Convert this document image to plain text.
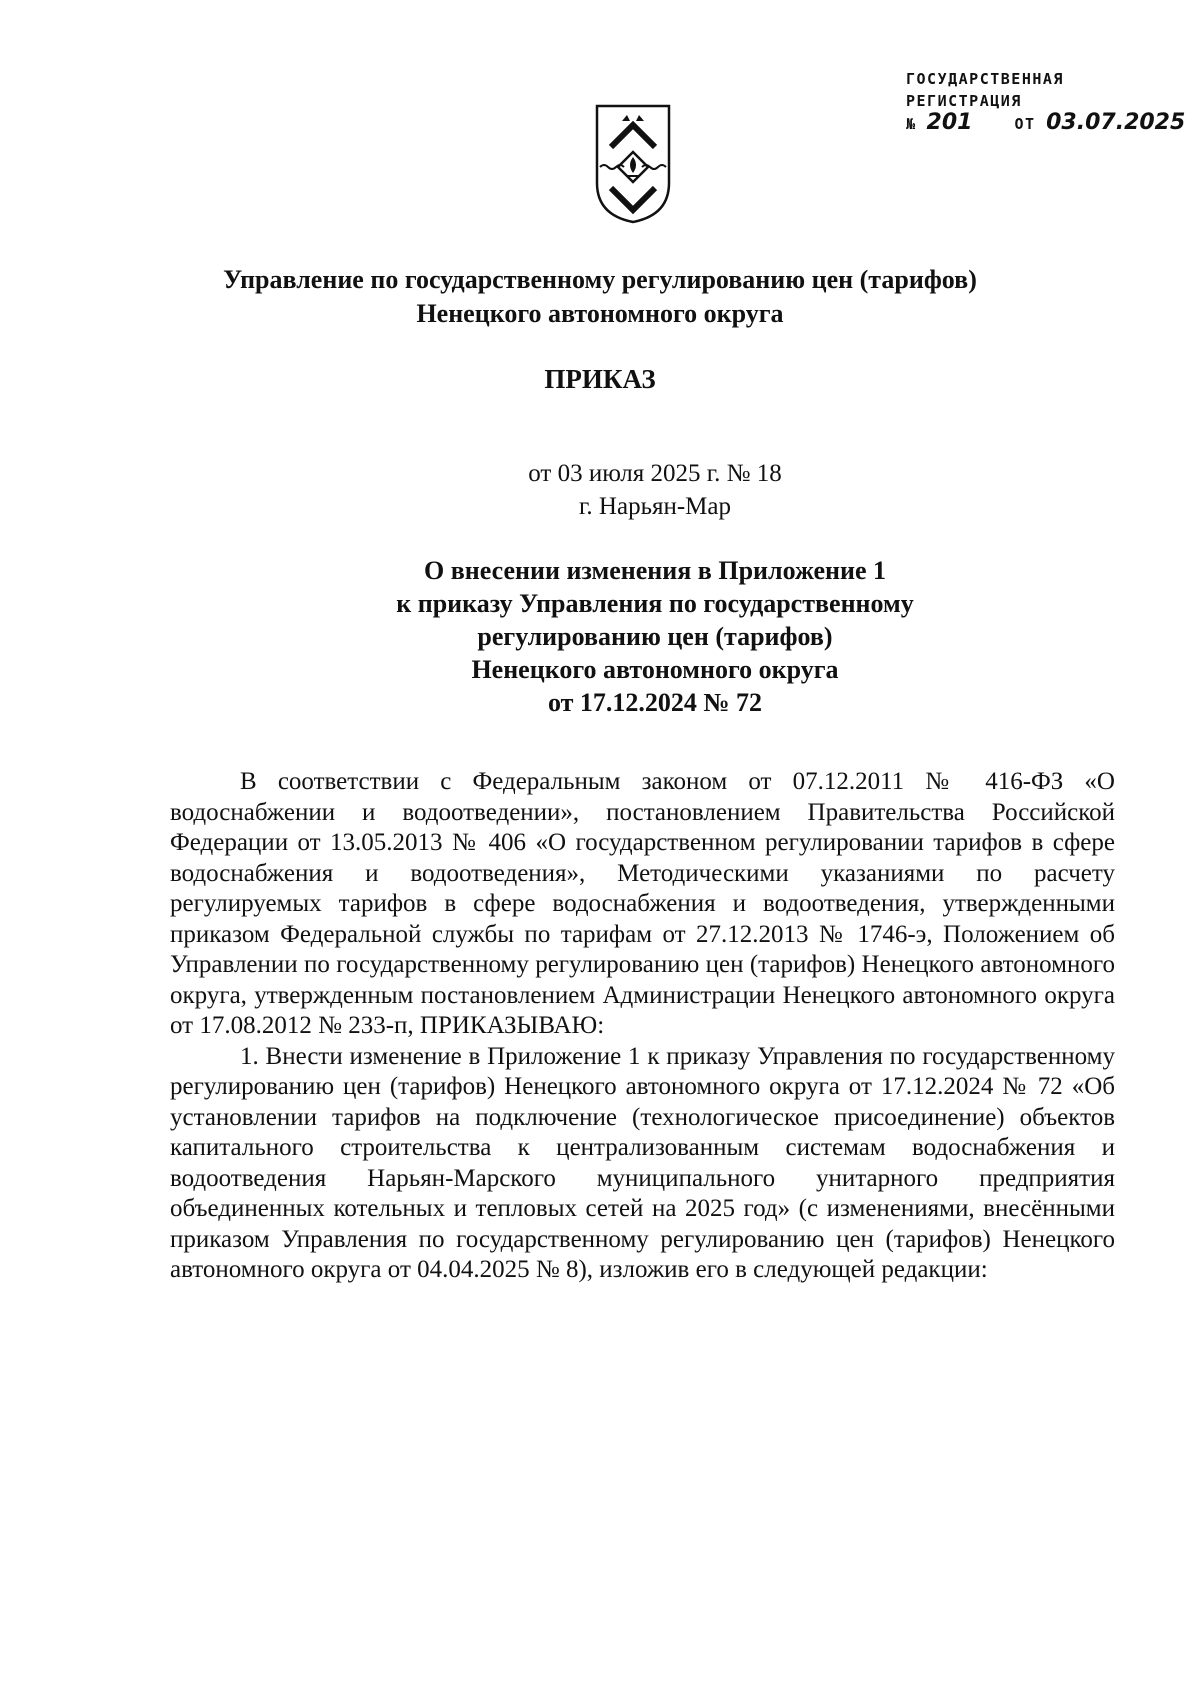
ГОСУДАРСТВЕННАЯ
РЕГИСТРАЦИЯ
№ 201	ОТ 03.07.2025
Управление по государственному регулированию цен (тарифов)
Ненецкого автономного округа
ПРИКАЗ
от 03 июля 2025 г. № 18
г. Нарьян-Мар
О внесении изменения в Приложение 1
к приказу Управления по государственному
регулированию цен (тарифов)
Ненецкого автономного округа
от 17.12.2024 № 72

В соответствии с Федеральным законом от 07.12.2011 № 416-ФЗ «О водоснабжении и водоотведении», постановлением Правительства Российской Федерации от 13.05.2013 № 406 «О государственном регулировании тарифов в сфере водоснабжения и водоотведения», Методическими указаниями по расчету регулируемых тарифов в сфере водоснабжения и водоотведения, утвержденными приказом Федеральной службы по тарифам от 27.12.2013 № 1746-э, Положением об Управлении по государственному регулированию цен (тарифов) Ненецкого автономного округа, утвержденным постановлением Администрации Ненецкого автономного округа от 17.08.2012 № 233-п, ПРИКАЗЫВАЮ:

1. Внести изменение в Приложение 1 к приказу Управления по государственному регулированию цен (тарифов) Ненецкого автономного округа от 17.12.2024 № 72 «Об установлении тарифов на подключение (технологическое присоединение) объектов капитального строительства к централизованным системам водоснабжения и водоотведения Нарьян-Марского муниципального унитарного предприятия объединенных котельных и тепловых сетей на 2025 год» (с изменениями, внесёнными приказом Управления по государственному регулированию цен (тарифов) Ненецкого автономного округа от 04.04.2025 № 8), изложив его в следующей редакции:
